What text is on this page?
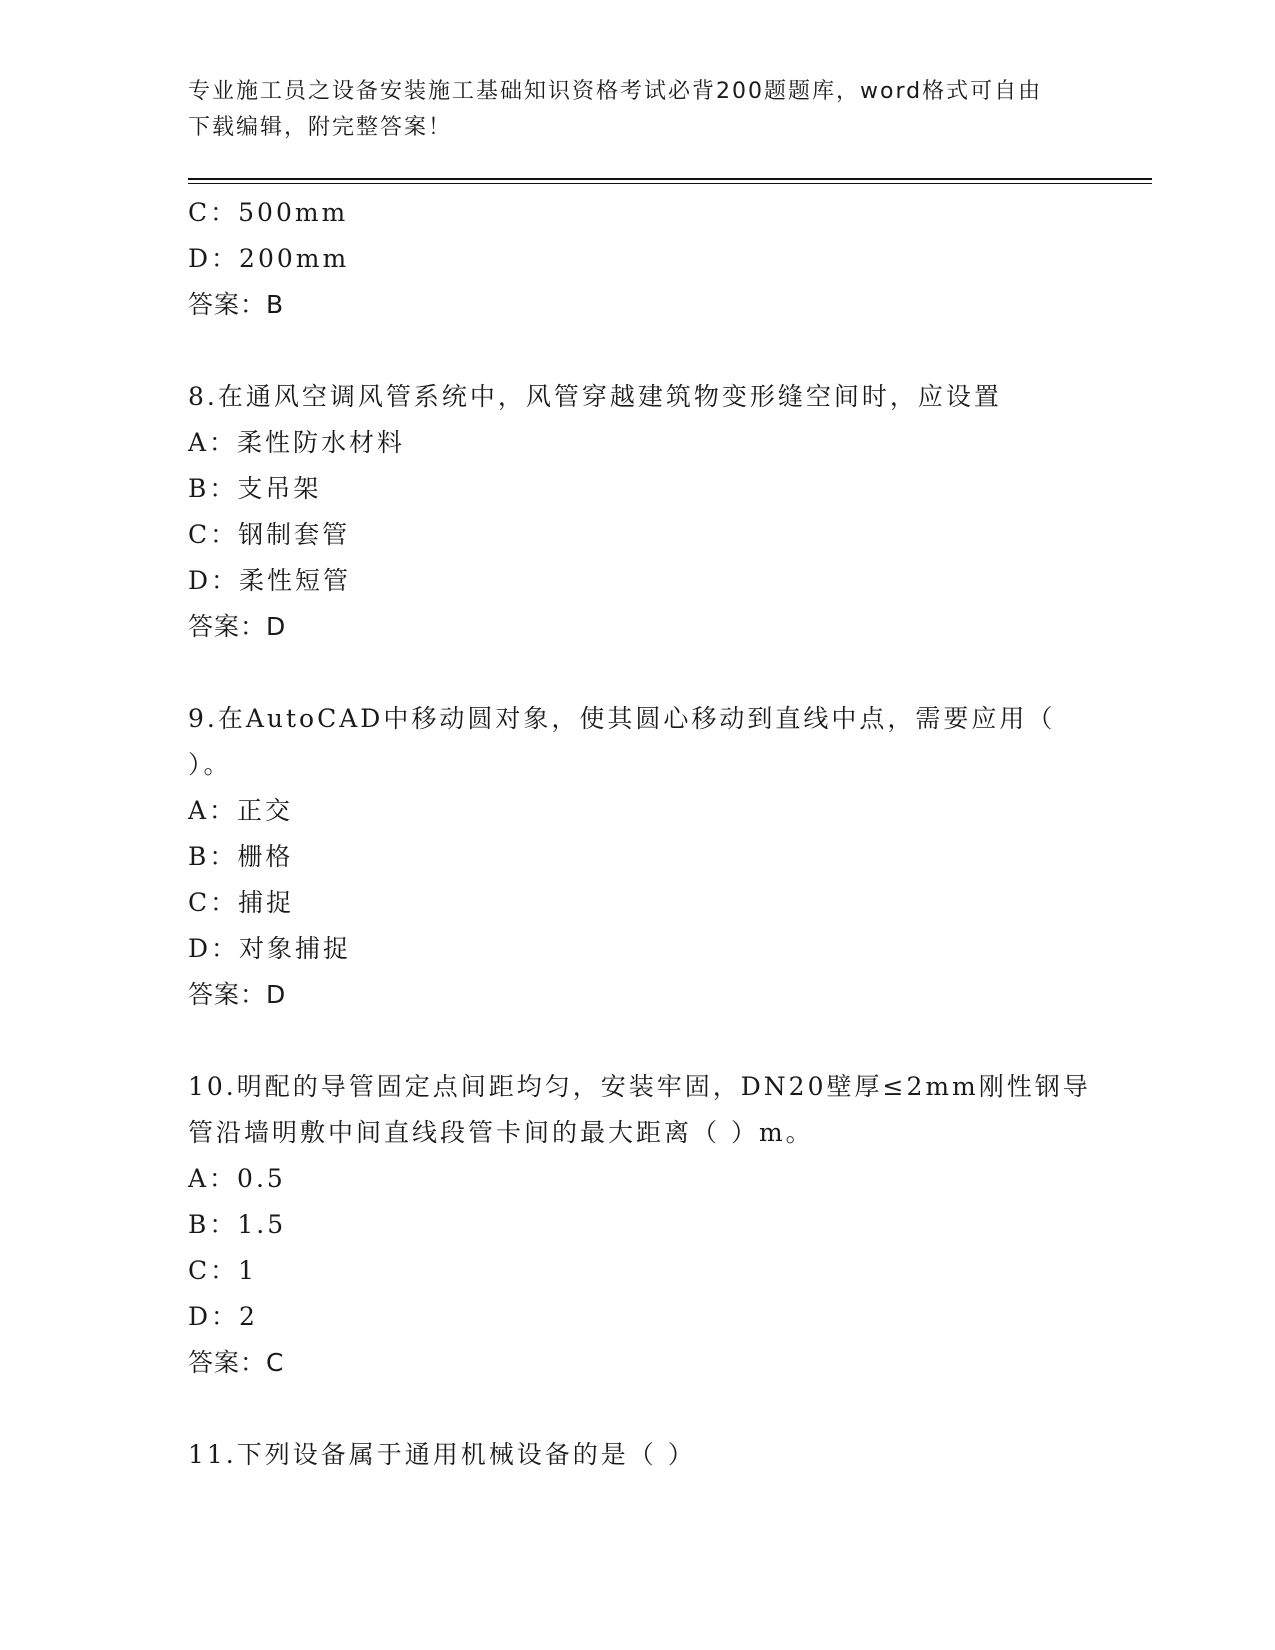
专业施工员之设备安装施工基础知识资格考试必背200题题库，word格式可自由
下载编辑，附完整答案！
C：500mm
D：200mm
答案：B
8.在通风空调风管系统中，风管穿越建筑物变形缝空间时，应设置
A：柔性防水材料
B：支吊架
C：钢制套管
D：柔性短管
答案：D
9.在AutoCAD中移动圆对象，使其圆心移动到直线中点，需要应用（
）。
A：正交
B：栅格
C：捕捉
D：对象捕捉
答案：D
10.明配的导管固定点间距均匀，安装牢固，DN20壁厚≤2mm刚性钢导
管沿墙明敷中间直线段管卡间的最大距离（ ）m。
A：0.5
B：1.5
C：1
D：2
答案：C
11.下列设备属于通用机械设备的是（ ）
